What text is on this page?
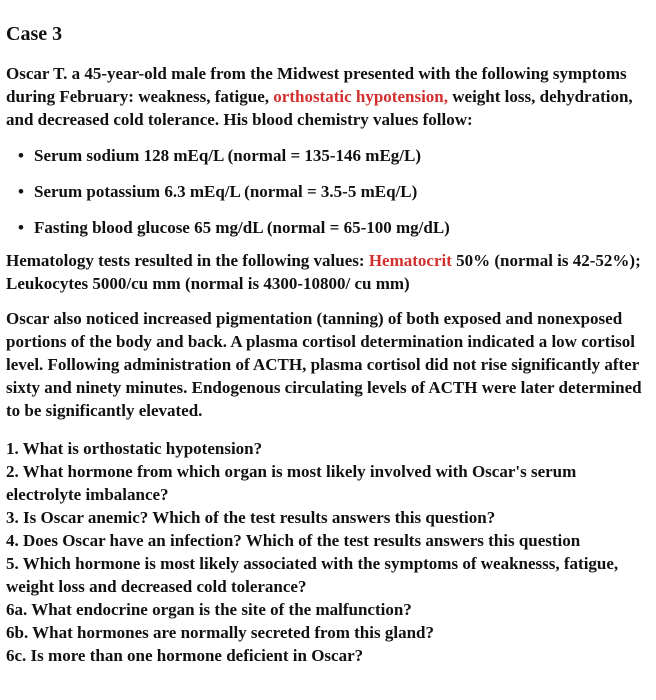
Case 3

Oscar T. a 45-year-old male from the Midwest presented with the following symptoms during February: weakness, fatigue, orthostatic hypotension, weight loss, dehydration, and decreased cold tolerance. His blood chemistry values follow:

• Serum sodium 128 mEq/L (normal = 135-146 mEg/L)
• Serum potassium 6.3 mEq/L (normal = 3.5-5 mEq/L)
• Fasting blood glucose 65 mg/dL (normal = 65-100 mg/dL)

Hematology tests resulted in the following values: Hematocrit 50% (normal is 42-52%); Leukocytes 5000/cu mm (normal is 4300-10800/ cu mm)

Oscar also noticed increased pigmentation (tanning) of both exposed and nonexposed portions of the body and back. A plasma cortisol determination indicated a low cortisol level. Following administration of ACTH, plasma cortisol did not rise significantly after sixty and ninety minutes. Endogenous circulating levels of ACTH were later determined to be significantly elevated.

1. What is orthostatic hypotension?
2. What hormone from which organ is most likely involved with Oscar's serum electrolyte imbalance?
3. Is Oscar anemic? Which of the test results answers this question?
4. Does Oscar have an infection? Which of the test results answers this question
5. Which hormone is most likely associated with the symptoms of weaknesss, fatigue, weight loss and decreased cold tolerance?
6a. What endocrine organ is the site of the malfunction?
6b. What hormones are normally secreted from this gland?
6c. Is more than one hormone deficient in Oscar?
